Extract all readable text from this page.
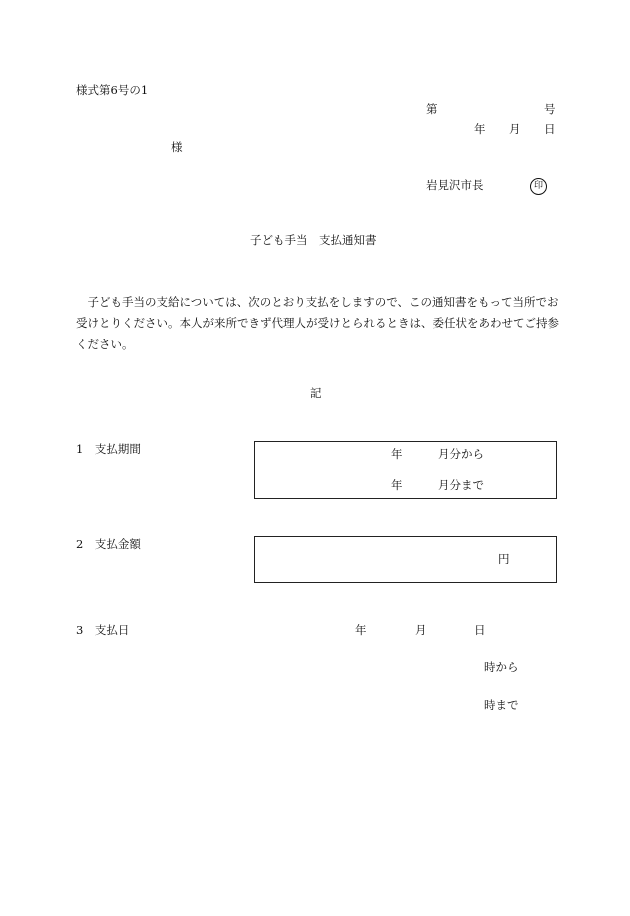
様式第6号の1
第	号
年 月 日
様
岩見沢市長	印
子ども手当　支払通知書
子ども手当の支給については、次のとおり支払をしますので、この通知書をもって当所でお受けとりください。本人が来所できず代理人が受けとられるときは、委任状をあわせてご持参ください。
記
1　支払期間	年	月分から
年	月分まで
2　支払金額
円
3　支払日	年	月	日
時から
時まで
